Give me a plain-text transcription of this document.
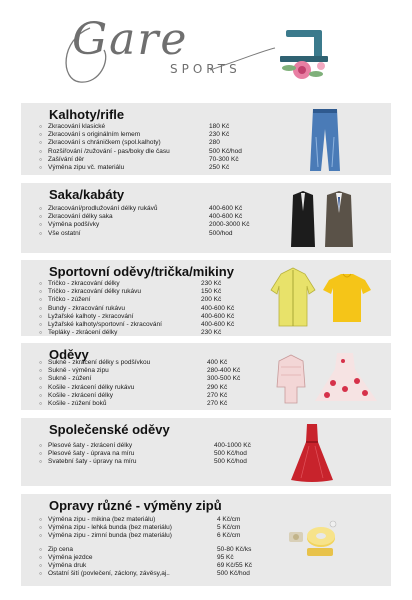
Gare
SPORTS
Kalhoty/rifle
○ Zkracování klasické	180 Kč
○ Zkracování s originálním lemem	230 Kč
○ Zkracování s chráničkem (spol.kalhoty)	280
○ Rozšiřování /zužování - pas/boky dle času	500 Kč/hod
○ Zašívání děr	70-300 Kč
○ Výměna zipu vč. materiálu	250 Kč
Saka/kabáty
○ Zkracování/prodlužování délky rukávů	400-600 Kč
○ Zkracování délky saka	400-600 Kč
○ Výměna podšívky	2000-3000 Kč
○ Vše ostatní	500/hod
Sportovní oděvy/trička/mikiny
○ Tričko - zkracování délky	230 Kč
○ Tričko - zkracování délky rukávu	150 Kč
○ Tričko - zúžení	200 Kč
○ Bundy - zkracování rukávu	400-600 Kč
○ Lyžařské kalhoty - zkracování	400-600 Kč
○ Lyžařské kalhoty/sportovní - zkracování	400-600 Kč
○ Tepláky - zkrácení délky	230 Kč
Oděvy
○ Sukně - zkrácení délky s podšívkou	400 Kč
○ Sukně - výměna zipu	280-400 Kč
○ Sukně - zúžení	300-500 Kč
○ Košile - zkrácení délky rukávu	290 Kč
○ Košile - zkrácení délky	270 Kč
○ Košile - zúžení boků	270 Kč
Společenské oděvy
○ Plesové šaty - zkrácení délky	400-1000 Kč
○ Plesové šaty - úprava na míru	500 Kč/hod
○ Svatební šaty - úpravy na míru	500 Kč/hod
Opravy různé - výměny zipů
○ Výměna zipu - mikina (bez materiálu)	4 Kč/cm
○ Výměna zipu - lehká bunda (bez materiálu)	5 Kč/cm
○ Výměna zipu - zimní bunda (bez materiálu)	6 Kč/cm
○ Zip cena	50-80 Kč/ks
○ Výměna jezdce	95 Kč
○ Výměna druk	69 Kč/55 Kč
○ Ostatní šití (povlečení, záclony, závěsy,aj..	500 Kč/hod
